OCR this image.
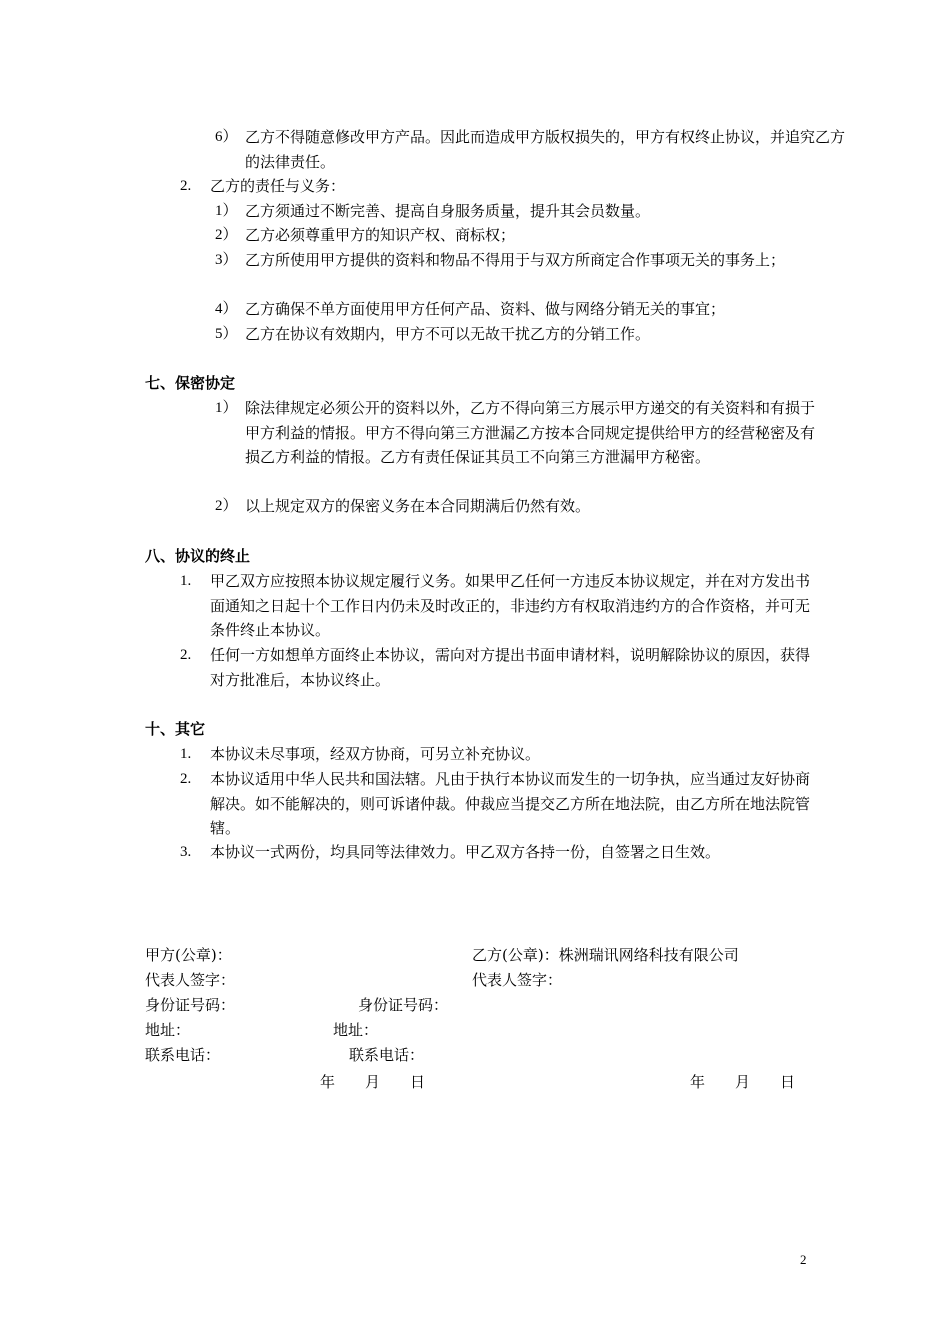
6） 乙方不得随意修改甲方产品。因此而造成甲方版权损失的，甲方有权终止协议，并追究乙方的法律责任。
2. 乙方的责任与义务：
1） 乙方须通过不断完善、提高自身服务质量，提升其会员数量。
2） 乙方必须尊重甲方的知识产权、商标权；
3） 乙方所使用甲方提供的资料和物品不得用于与双方所商定合作事项无关的事务上；
4） 乙方确保不单方面使用甲方任何产品、资料、做与网络分销无关的事宜；
5） 乙方在协议有效期内，甲方不可以无故干扰乙方的分销工作。
七、保密协定
1） 除法律规定必须公开的资料以外，乙方不得向第三方展示甲方递交的有关资料和有损于甲方利益的情报。甲方不得向第三方泄漏乙方按本合同规定提供给甲方的经营秘密及有损乙方利益的情报。乙方有责任保证其员工不向第三方泄漏甲方秘密。
2） 以上规定双方的保密义务在本合同期满后仍然有效。
八、协议的终止
1. 甲乙双方应按照本协议规定履行义务。如果甲乙任何一方违反本协议规定，并在对方发出书面通知之日起十个工作日内仍未及时改正的，非违约方有权取消违约方的合作资格，并可无条件终止本协议。
2. 任何一方如想单方面终止本协议，需向对方提出书面申请材料，说明解除协议的原因，获得对方批准后，本协议终止。
十、其它
1. 本协议未尽事项，经双方协商，可另立补充协议。
2. 本协议适用中华人民共和国法辖。凡由于执行本协议而发生的一切争执，应当通过友好协商解决。如不能解决的，则可诉诸仲裁。仲裁应当提交乙方所在地法院，由乙方所在地法院管辖。
3. 本协议一式两份，均具同等法律效力。甲乙双方各持一份，自签署之日生效。
甲方(公章)：	乙方(公章)：株洲瑞讯网络科技有限公司
代表人签字：	代表人签字：
身份证号码：	身份证号码：
地址：	地址：
联系电话：	联系电话：
年　　月　　日	年　　月　　日
2
